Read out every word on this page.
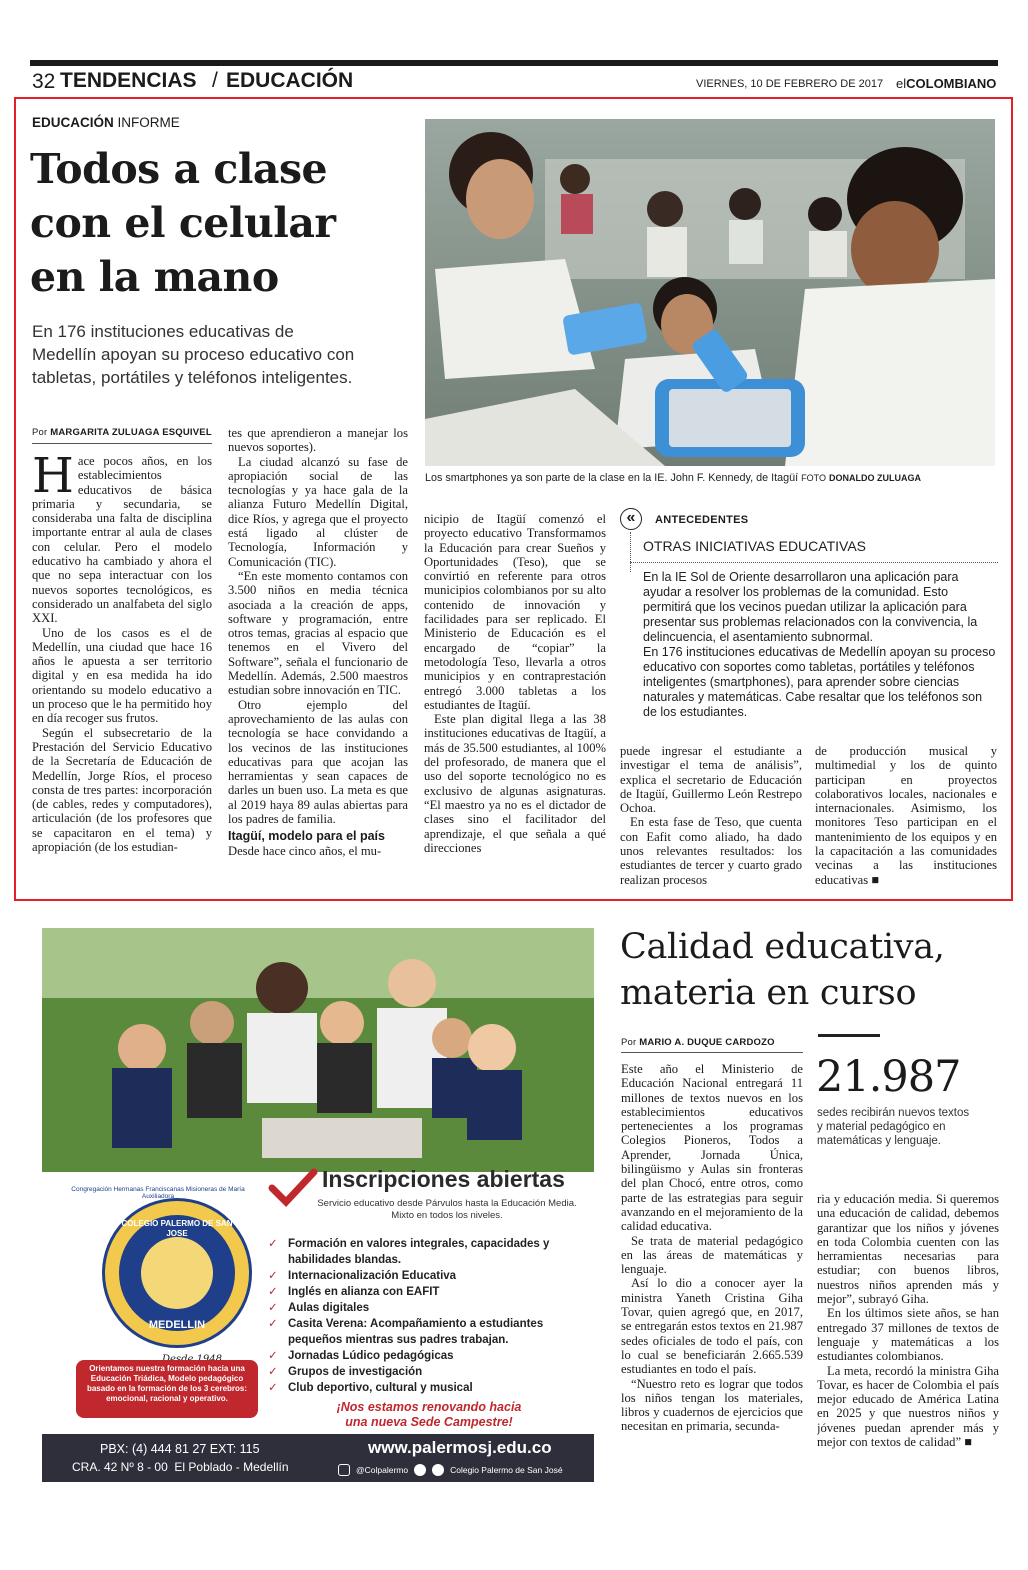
32 TENDENCIAS / EDUCACIÓN	VIERNES, 10 DE FEBRERO DE 2017 elCOLOMBIANO
EDUCACIÓN INFORME
Todos a clase
con el celular
en la mano
En 176 instituciones educativas de
Medellín apoyan su proceso educativo con
tabletas, portátiles y teléfonos inteligentes.
Por MARGARITA ZULUAGA ESQUIVEL
Los smartphones ya son parte de la clase en la IE. John F. Kennedy, de Itagüí FOTO DONALDO ZULUAGA

Hace pocos años, en los establecimientos educativos de básica primaria y secundaria, se consideraba una falta de disciplina importante entrar al aula de clases con celular. Pero el modelo educativo ha cambiado y ahora el que no sepa interactuar con los nuevos soportes tecnológicos, es considerado un analfabeta del siglo XXI.

Uno de los casos es el de Medellín, una ciudad que hace 16 años le apuesta a ser territorio digital y en esa medida ha ido orientando su modelo educativo a un proceso que le ha permitido hoy en día recoger sus frutos.

Según el subsecretario de la Prestación del Servicio Educativo de la Secretaría de Educación de Medellín, Jorge Ríos, el proceso consta de tres partes: incorporación (de cables, redes y computadores), articulación (de los profesores que se capacitaron en el tema) y apropiación (de los estudian-

tes que aprendieron a manejar los nuevos soportes).

La ciudad alcanzó su fase de apropiación social de las tecnologías y ya hace gala de la alianza Futuro Medellín Digital, dice Ríos, y agrega que el proyecto está ligado al clúster de Tecnología, Información y Comunicación (TIC).

“En este momento contamos con 3.500 niños en media técnica asociada a la creación de apps, software y programación, entre otros temas, gracias al espacio que tenemos en el Vivero del Software”, señala el funcionario de Medellín. Además, 2.500 maestros estudian sobre innovación en TIC.

Otro ejemplo del aprovechamiento de las aulas con tecnología se hace convidando a los vecinos de las instituciones educativas para que acojan las herramientas y sean capaces de darles un buen uso. La meta es que al 2019 haya 89 aulas abiertas para los padres de familia.

Itagüí, modelo para el país

Desde hace cinco años, el mu-

nicipio de Itagüí comenzó el proyecto educativo Transformamos la Educación para crear Sueños y Oportunidades (Teso), que se convirtió en referente para otros municipios colombianos por su alto contenido de innovación y facilidades para ser replicado. El Ministerio de Educación es el encargado de “copiar” la metodología Teso, llevarla a otros municipios y en contraprestación entregó 3.000 tabletas a los estudiantes de Itagüí.

Este plan digital llega a las 38 instituciones educativas de Itagüí, a más de 35.500 estudiantes, al 100% del profesorado, de manera que el uso del soporte tecnológico no es exclusivo de algunas asignaturas. “El maestro ya no es el dictador de clases sino el facilitador del aprendizaje, el que señala a qué direcciones

«	ANTECEDENTES
OTRAS INICIATIVAS EDUCATIVAS
En la IE Sol de Oriente desarrollaron una aplicación para ayudar a resolver los problemas de la comunidad. Esto permitirá que los vecinos puedan utilizar la aplicación para presentar sus problemas relacionados con la convivencia, la delincuencia, el asentamiento subnormal.
En 176 instituciones educativas de Medellín apoyan su proceso educativo con soportes como tabletas, portátiles y teléfonos inteligentes (smartphones), para aprender sobre ciencias naturales y matemáticas. Cabe resaltar que los teléfonos son de los estudiantes.

puede ingresar el estudiante a investigar el tema de análisis”, explica el secretario de Educación de Itagüí, Guillermo León Restrepo Ochoa.

En esta fase de Teso, que cuenta con Eafit como aliado, ha dado unos relevantes resultados: los estudiantes de tercer y cuarto grado realizan procesos

de producción musical y multimedial y los de quinto participan en proyectos colaborativos locales, nacionales e internacionales. Asimismo, los monitores Teso participan en el mantenimiento de los equipos y en la capacitación a las comunidades vecinas a las instituciones educativas ■

Inscripciones abiertas
Servicio educativo desde Párvulos hasta la Educación Media. Mixto en todos los niveles.
COLEGIO PALERMO DE SAN JOSE
MEDELLIN
Congregación Hermanas Franciscanas Misioneras de María Auxiliadora
Orientamos nuestra formación hacia una Educación Triádica, Modelo pedagógico basado en la formación de los 3 cerebros: emocional, racional y operativo.
✓ Formación en valores integrales, capacidades y habilidades blandas.
✓ Internacionalización Educativa
✓ Inglés en alianza con EAFIT
✓ Aulas digitales
✓ Casita Verena: Acompañamiento a estudiantes pequeños mientras sus padres trabajan.
✓ Jornadas Lúdico pedagógicas
✓ Grupos de investigación
✓ Club deportivo, cultural y musical
¡Nos estamos renovando hacia
una nueva Sede Campestre!
PBX: (4) 444 81 27 EXT: 115
CRA. 42 Nº 8 - 00  El Poblado - Medellín
www.palermosj.edu.co
@Colpalermo	Colegio Palermo de San José
Calidad educativa,
materia en curso
Por MARIO A. DUQUE CARDOZO
21.987
sedes recibirán nuevos textos y material pedagógico en matemáticas y lenguaje.

Este año el Ministerio de Educación Nacional entregará 11 millones de textos nuevos en los establecimientos educativos pertenecientes a los programas Colegios Pioneros, Todos a Aprender, Jornada Única, bilingüismo y Aulas sin fronteras del plan Chocó, entre otros, como parte de las estrategias para seguir avanzando en el mejoramiento de la calidad educativa.

Se trata de material pedagógico en las áreas de matemáticas y lenguaje.

Así lo dio a conocer ayer la ministra Yaneth Cristina Giha Tovar, quien agregó que, en 2017, se entregarán estos textos en 21.987 sedes oficiales de todo el país, con lo cual se beneficiarán 2.665.539 estudiantes en todo el país.

“Nuestro reto es lograr que todos los niños tengan los materiales, libros y cuadernos de ejercicios que necesitan en primaria, secunda-

ria y educación media. Si queremos una educación de calidad, debemos garantizar que los niños y jóvenes en toda Colombia cuenten con las herramientas necesarias para estudiar; con buenos libros, nuestros niños aprenden más y mejor”, subrayó Giha.

En los últimos siete años, se han entregado 37 millones de textos de lenguaje y matemáticas a los estudiantes colombianos.

La meta, recordó la ministra Giha Tovar, es hacer de Colombia el país mejor educado de América Latina en 2025 y que nuestros niños y jóvenes puedan aprender más y mejor con textos de calidad” ■
